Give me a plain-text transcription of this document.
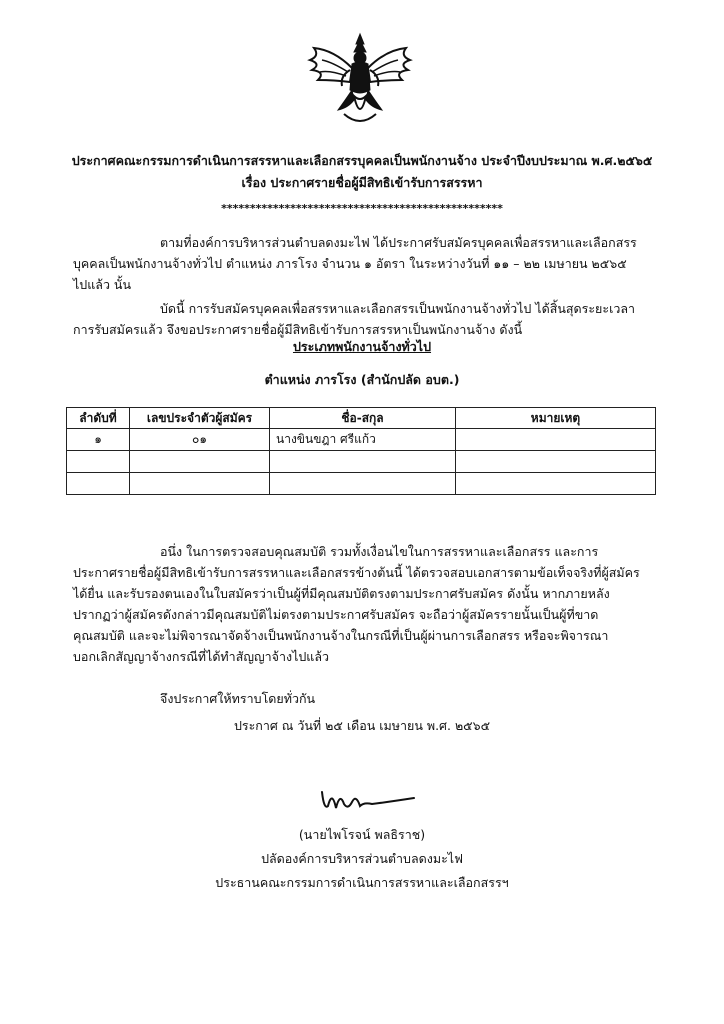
ประกาศคณะกรรมการดำเนินการสรรหาและเลือกสรรบุคคลเป็นพนักงานจ้าง ประจำปีงบประมาณ พ.ศ.๒๕๖๕
เรื่อง ประกาศรายชื่อผู้มีสิทธิเข้ารับการสรรหา
*************************************************
ตามที่องค์การบริหารส่วนตำบลดงมะไฟ ได้ประกาศรับสมัครบุคคลเพื่อสรรหาและเลือกสรร
บุคคลเป็นพนักงานจ้างทั่วไป ตำแหน่ง ภารโรง จำนวน ๑ อัตรา ในระหว่างวันที่ ๑๑ – ๒๒ เมษายน ๒๕๖๕
ไปแล้ว นั้น
บัดนี้ การรับสมัครบุคคลเพื่อสรรหาและเลือกสรรเป็นพนักงานจ้างทั่วไป ได้สิ้นสุดระยะเวลา
การรับสมัครแล้ว จึงขอประกาศรายชื่อผู้มีสิทธิเข้ารับการสรรหาเป็นพนักงานจ้าง ดังนี้
ประเภทพนักงานจ้างทั่วไป
ตำแหน่ง ภารโรง (สำนักปลัด อบต.)
ลำดับที่	เลขประจำตัวผู้สมัคร	ชื่อ-สกุล	หมายเหตุ
๑	๐๑	นางขินขฎา ศรีแก้ว	

อนึ่ง ในการตรวจสอบคุณสมบัติ รวมทั้งเงื่อนไขในการสรรหาและเลือกสรร และการ
ประกาศรายชื่อผู้มีสิทธิเข้ารับการสรรหาและเลือกสรรข้างต้นนี้ ได้ตรวจสอบเอกสารตามข้อเท็จจริงที่ผู้สมัคร
ได้ยื่น และรับรองตนเองในใบสมัครว่าเป็นผู้ที่มีคุณสมบัติตรงตามประกาศรับสมัคร ดังนั้น หากภายหลัง
ปรากฏว่าผู้สมัครดังกล่าวมีคุณสมบัติไม่ตรงตามประกาศรับสมัคร จะถือว่าผู้สมัครรายนั้นเป็นผู้ที่ขาด
คุณสมบัติ และจะไม่พิจารณาจัดจ้างเป็นพนักงานจ้างในกรณีที่เป็นผู้ผ่านการเลือกสรร หรือจะพิจารณา
บอกเลิกสัญญาจ้างกรณีที่ได้ทำสัญญาจ้างไปแล้ว
จึงประกาศให้ทราบโดยทั่วกัน
ประกาศ ณ วันที่ ๒๕ เดือน เมษายน พ.ศ. ๒๕๖๕
(นายไพโรจน์ พลธิราช)
ปลัดองค์การบริหารส่วนตำบลดงมะไฟ
ประธานคณะกรรมการดำเนินการสรรหาและเลือกสรรฯ
